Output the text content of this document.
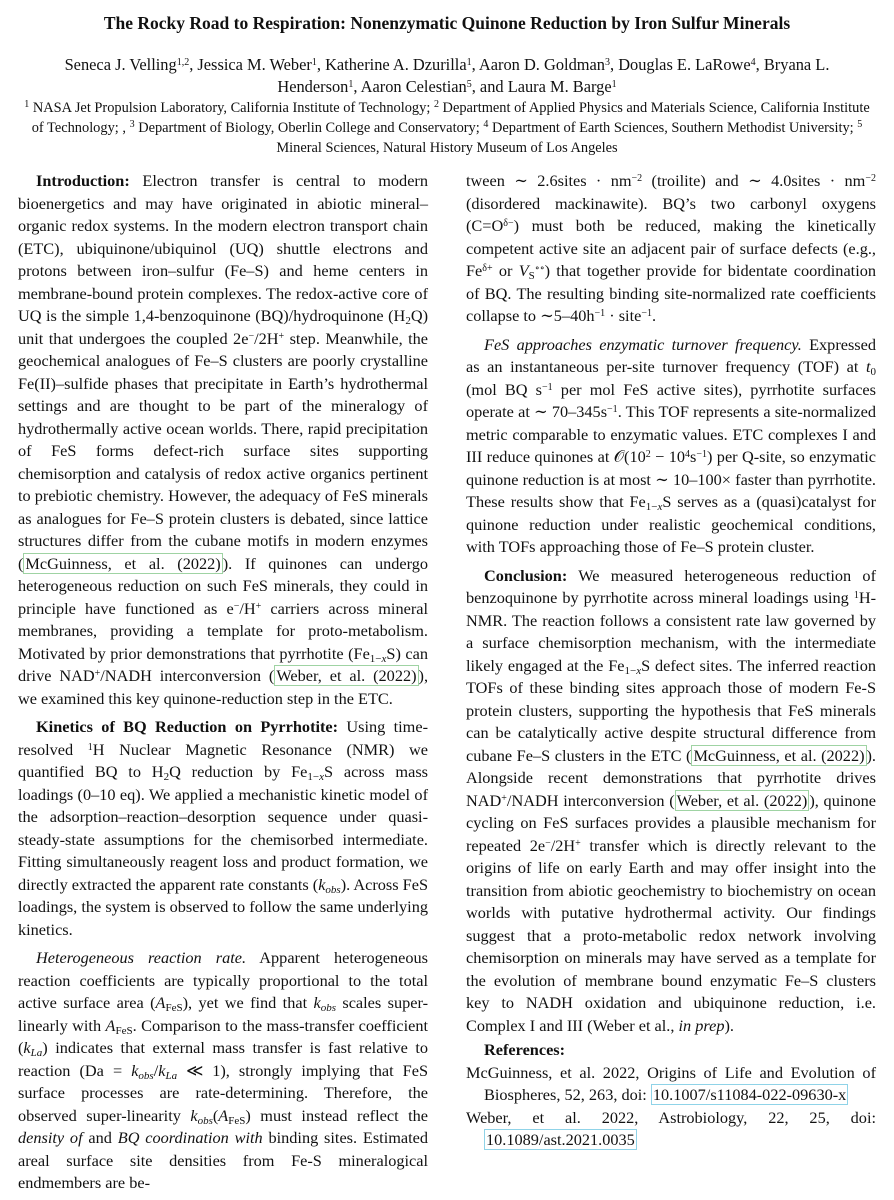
The Rocky Road to Respiration: Nonenzymatic Quinone Reduction by Iron Sulfur Minerals
Seneca J. Velling$^{1,2}$, Jessica M. Weber$^1$, Katherine A. Dzurilla$^1$, Aaron D. Goldman$^3$, Douglas E. LaRowe$^4$, Bryana L. Henderson$^1$, Aaron Celestian$^5$, and Laura M. Barge$^1$
$^1$ NASA Jet Propulsion Laboratory, California Institute of Technology; $^2$ Department of Applied Physics and Materials Science, California Institute of Technology; , $^3$ Department of Biology, Oberlin College and Conservatory; $^4$ Department of Earth Sciences, Southern Methodist University; $^5$ Mineral Sciences, Natural History Museum of Los Angeles

Introduction: Electron transfer is central to modern bioenergetics and may have originated in abiotic mineral–organic redox systems. In the modern electron transport chain (ETC), ubiquinone/ubiquinol (UQ) shuttle electrons and protons between iron–sulfur (Fe–S) and heme centers in membrane-bound protein complexes. The redox-active core of UQ is the simple 1,4-benzoquinone (BQ)/hydroquinone $(H_2Q)$ unit that undergoes the coupled 2e−/2H+ step. Meanwhile, the geochemical analogues of Fe–S clusters are poorly crystalline Fe(II)–sulfide phases that precipitate in Earth’s hydrothermal settings and are thought to be part of the mineralogy of hydrothermally active ocean worlds. There, rapid precipitation of FeS forms defect-rich surface sites supporting chemisorption and catalysis of redox active organics pertinent to prebiotic chemistry. However, the adequacy of FeS minerals as analogues for Fe–S protein clusters is debated, since lattice structures differ from the cubane motifs in modern enzymes ( McGuinness, et al. (2022) ). If quinones can undergo heterogeneous reduction on such FeS minerals, they could in principle have functioned as e−/H+ carriers across mineral membranes, providing a template for proto-metabolism. Motivated by prior demonstrations that pyrrhotite $(Fe_{1-x}S)$ can drive NAD+/NADH interconversion ( Weber, et al. (2022) ), we examined this key quinone-reduction step in the ETC.

Kinetics of BQ Reduction on Pyrrhotite: Using time-resolved $^1$H Nuclear Magnetic Resonance (NMR) we quantified BQ to $H_2Q$ reduction by $Fe_{1-x}S$ across mass loadings (0–10 eq). We applied a mechanistic kinetic model of the adsorption–reaction–desorption sequence under quasi-steady-state assumptions for the chemisorbed intermediate. Fitting simultaneously reagent loss and product formation, we directly extracted the apparent rate constants $(k_{obs})$. Across FeS loadings, the system is observed to follow the same underlying kinetics.

Heterogeneous reaction rate. Apparent heterogeneous reaction coefficients are typically proportional to the total active surface area $(A_{FeS})$, yet we find that $k_{obs}$ scales super-linearly with $A_{FeS}$. Comparison to the mass-transfer coefficient $(k_{La})$ indicates that external mass transfer is fast relative to reaction ($Da = k_{obs}/k_{La}$ ≪ 1), strongly implying that FeS surface processes are rate-determining. Therefore, the observed super-linearity $k_{obs}(A_{FeS})$ must instead reflect the density of and BQ coordination with binding sites. Estimated areal surface site densities from Fe-S mineralogical endmembers are be-

tween ∼ 2.6sites · $nm^{-2}$ (troilite) and ∼ 4.0sites · $nm^{-2}$ (disordered mackinawite). BQ’s two carbonyl oxygens $(C=O^{\delta-})$ must both be reduced, making the kinetically competent active site an adjacent pair of surface defects (e.g., $Fe^{\delta+}$ or $V_S^{\circ\circ}$) that together provide for bidentate coordination of BQ. The resulting binding site-normalized rate coefficients collapse to $\sim 5-40h^{-1}$ · site$^{-1}$.

FeS approaches enzymatic turnover frequency. Expressed as an instantaneous per-site turnover frequency (TOF) at $t_0$ (mol BQ $s^{-1}$ per mol FeS active sites), pyrrhotite surfaces operate at ∼ $70-345s^{-1}$. This TOF represents a site-normalized metric comparable to enzymatic values. ETC complexes I and III reduce quinones at $𝒪(10^2 - 10^4s^{-1})$ per Q-site, so enzymatic quinone reduction is at most ∼ 10–100× faster than pyrrhotite. These results show that $Fe_{1-x}S$ serves as a (quasi)catalyst for quinone reduction under realistic geochemical conditions, with TOFs approaching those of Fe–S protein cluster.

Conclusion: We measured heterogeneous reduction of benzoquinone by pyrrhotite across mineral loadings using $^1$H-NMR. The reaction follows a consistent rate law governed by a surface chemisorption mechanism, with the intermediate likely engaged at the $Fe_{1-x}S$ defect sites. The inferred reaction TOFs of these binding sites approach those of modern Fe-S protein clusters, supporting the hypothesis that FeS minerals can be catalytically active despite structural difference from cubane Fe–S clusters in the ETC ( McGuinness, et al. (2022) ). Alongside recent demonstrations that pyrrhotite drives NAD+/NADH interconversion ( Weber, et al. (2022) ), quinone cycling on FeS surfaces provides a plausible mechanism for repeated 2e−/2H+ transfer which is directly relevant to the origins of life on early Earth and may offer insight into the transition from abiotic geochemistry to biochemistry on ocean worlds with putative hydrothermal activity. Our findings suggest that a proto-metabolic redox network involving chemisorption on minerals may have served as a template for the evolution of membrane bound enzymatic Fe–S clusters key to NADH oxidation and ubiquinone reduction, i.e. Complex I and III (Weber et al., in prep).

References:
McGuinness, et al. 2022, Origins of Life and Evolution of Biospheres, 52, 263, doi: 10.1007/s11084-022-09630-x
Weber, et al. 2022, Astrobiology, 22, 25, doi: 10.1089/ast.2021.0035
